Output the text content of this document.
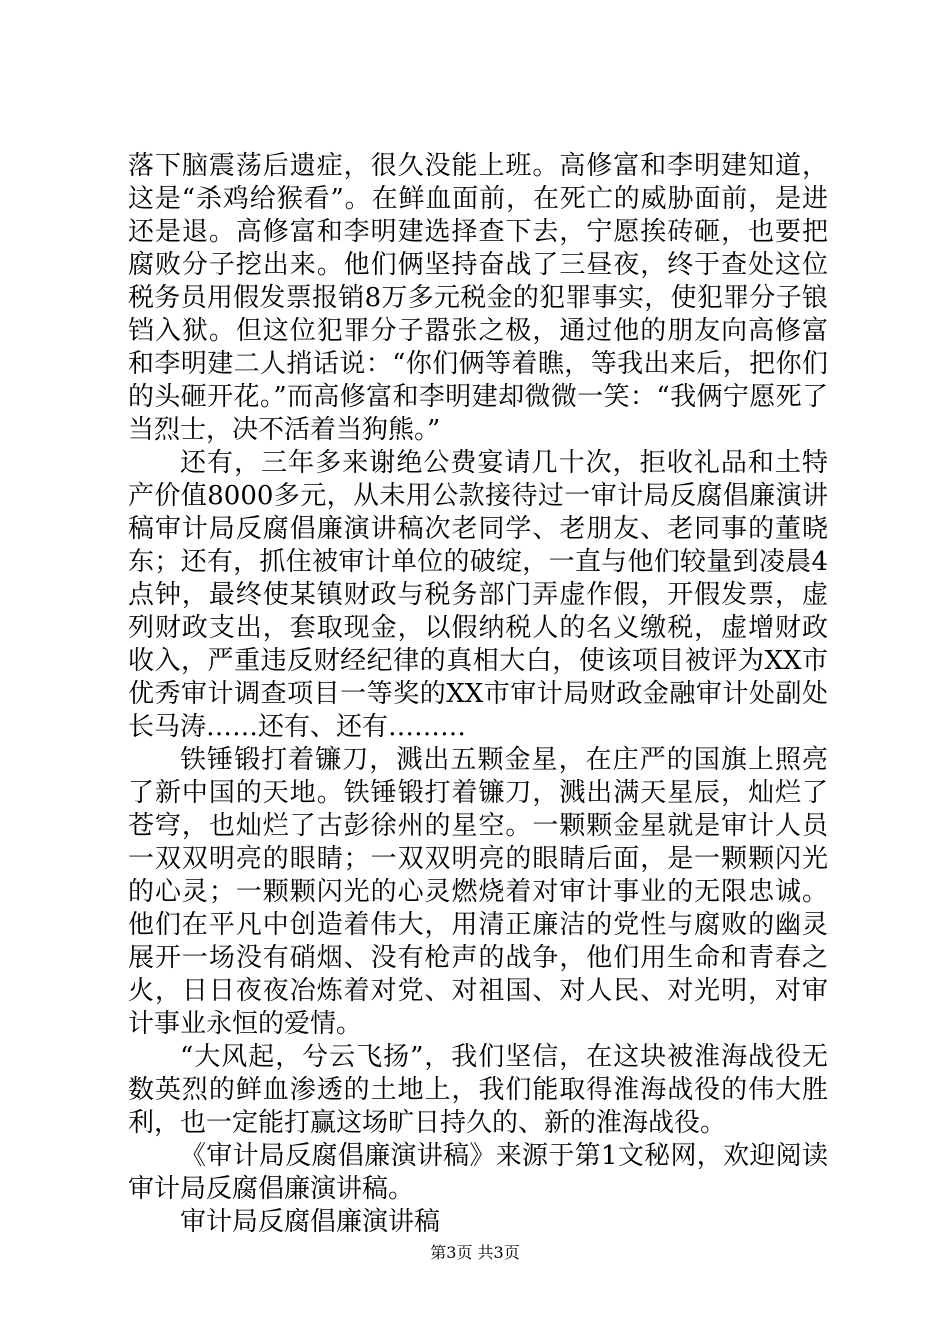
落下脑震荡后遗症，很久没能上班。高修富和李明建知道，这是“杀鸡给猴看”。在鲜血面前，在死亡的威胁面前，是进还是退。高修富和李明建选择查下去，宁愿挨砖砸，也要把腐败分子挖出来。他们俩坚持奋战了三昼夜，终于查处这位税务员用假发票报销8万多元税金的犯罪事实，使犯罪分子锒铛入狱。但这位犯罪分子嚣张之极，通过他的朋友向高修富和李明建二人捎话说：“你们俩等着瞧，等我出来后，把你们的头砸开花。”而高修富和李明建却微微一笑：“我俩宁愿死了当烈士，决不活着当狗熊。”

还有，三年多来谢绝公费宴请几十次，拒收礼品和土特产价值8000多元，从未用公款接待过一审计局反腐倡廉演讲稿审计局反腐倡廉演讲稿次老同学、老朋友、老同事的董晓东；还有，抓住被审计单位的破绽，一直与他们较量到凌晨4点钟，最终使某镇财政与税务部门弄虚作假，开假发票，虚列财政支出，套取现金，以假纳税人的名义缴税，虚增财政收入，严重违反财经纪律的真相大白，使该项目被评为XX市优秀审计调查项目一等奖的XX市审计局财政金融审计处副处长马涛……还有、还有………

铁锤锻打着镰刀，溅出五颗金星，在庄严的国旗上照亮了新中国的天地。铁锤锻打着镰刀，溅出满天星辰，灿烂了苍穹，也灿烂了古彭徐州的星空。一颗颗金星就是审计人员一双双明亮的眼睛；一双双明亮的眼睛后面，是一颗颗闪光的心灵；一颗颗闪光的心灵燃烧着对审计事业的无限忠诚。他们在平凡中创造着伟大，用清正廉洁的党性与腐败的幽灵展开一场没有硝烟、没有枪声的战争，他们用生命和青春之火，日日夜夜冶炼着对党、对祖国、对人民、对光明，对审计事业永恒的爱情。

“大风起，兮云飞扬”，我们坚信，在这块被淮海战役无数英烈的鲜血渗透的土地上，我们能取得淮海战役的伟大胜利，也一定能打赢这场旷日持久的、新的淮海战役。

《审计局反腐倡廉演讲稿》来源于第1文秘网，欢迎阅读审计局反腐倡廉演讲稿。

审计局反腐倡廉演讲稿

第3页 共3页
